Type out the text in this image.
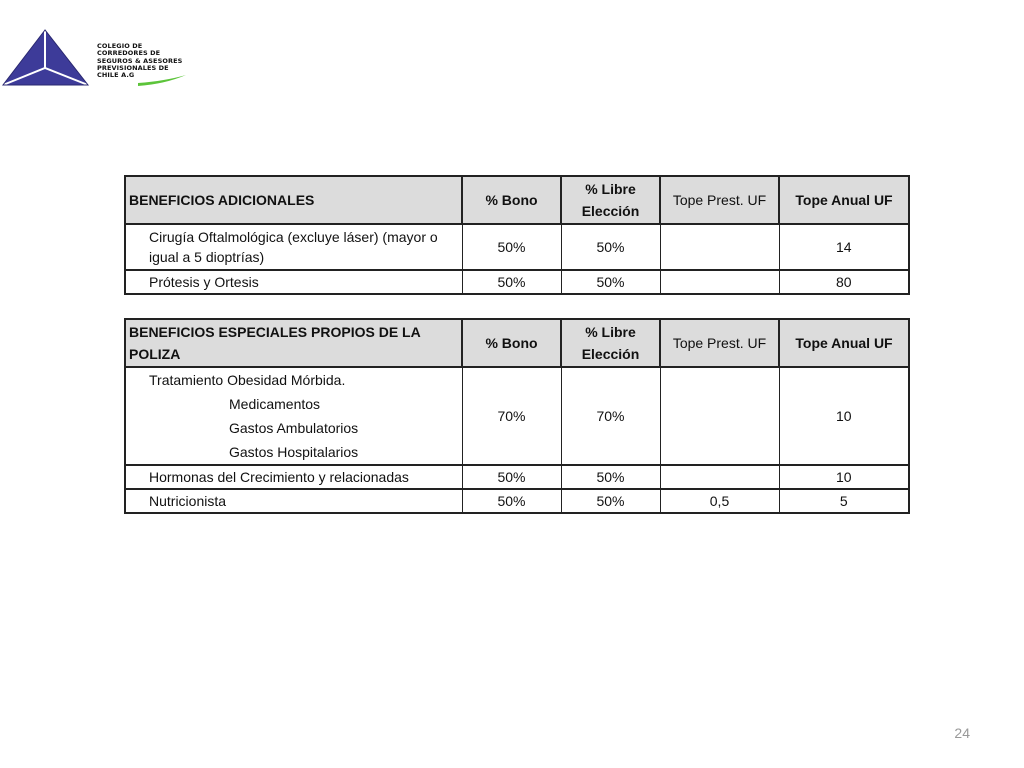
COLEGIO DE
CORREDORES DE
SEGUROS & ASESORES
PREVISIONALES DE
CHILE A.G
BENEFICIOS ADICIONALES	% Bono	% Libre Elección	Tope Prest. UF	Tope Anual UF
Cirugía Oftalmológica (excluye láser) (mayor o igual a 5 dioptrías)	50%	50%		14
Prótesis y Ortesis	50%	50%		80
BENEFICIOS ESPECIALES PROPIOS DE LA POLIZA	% Bono	% Libre Elección	Tope Prest. UF	Tope Anual UF

Tratamiento Obesidad Mórbida.
Medicamentos
Gastos Ambulatorios
Gastos Hospitalarios	70%	70%		10
Hormonas del Crecimiento y relacionadas	50%	50%		10
Nutricionista	50%	50%	0,5	5
24
